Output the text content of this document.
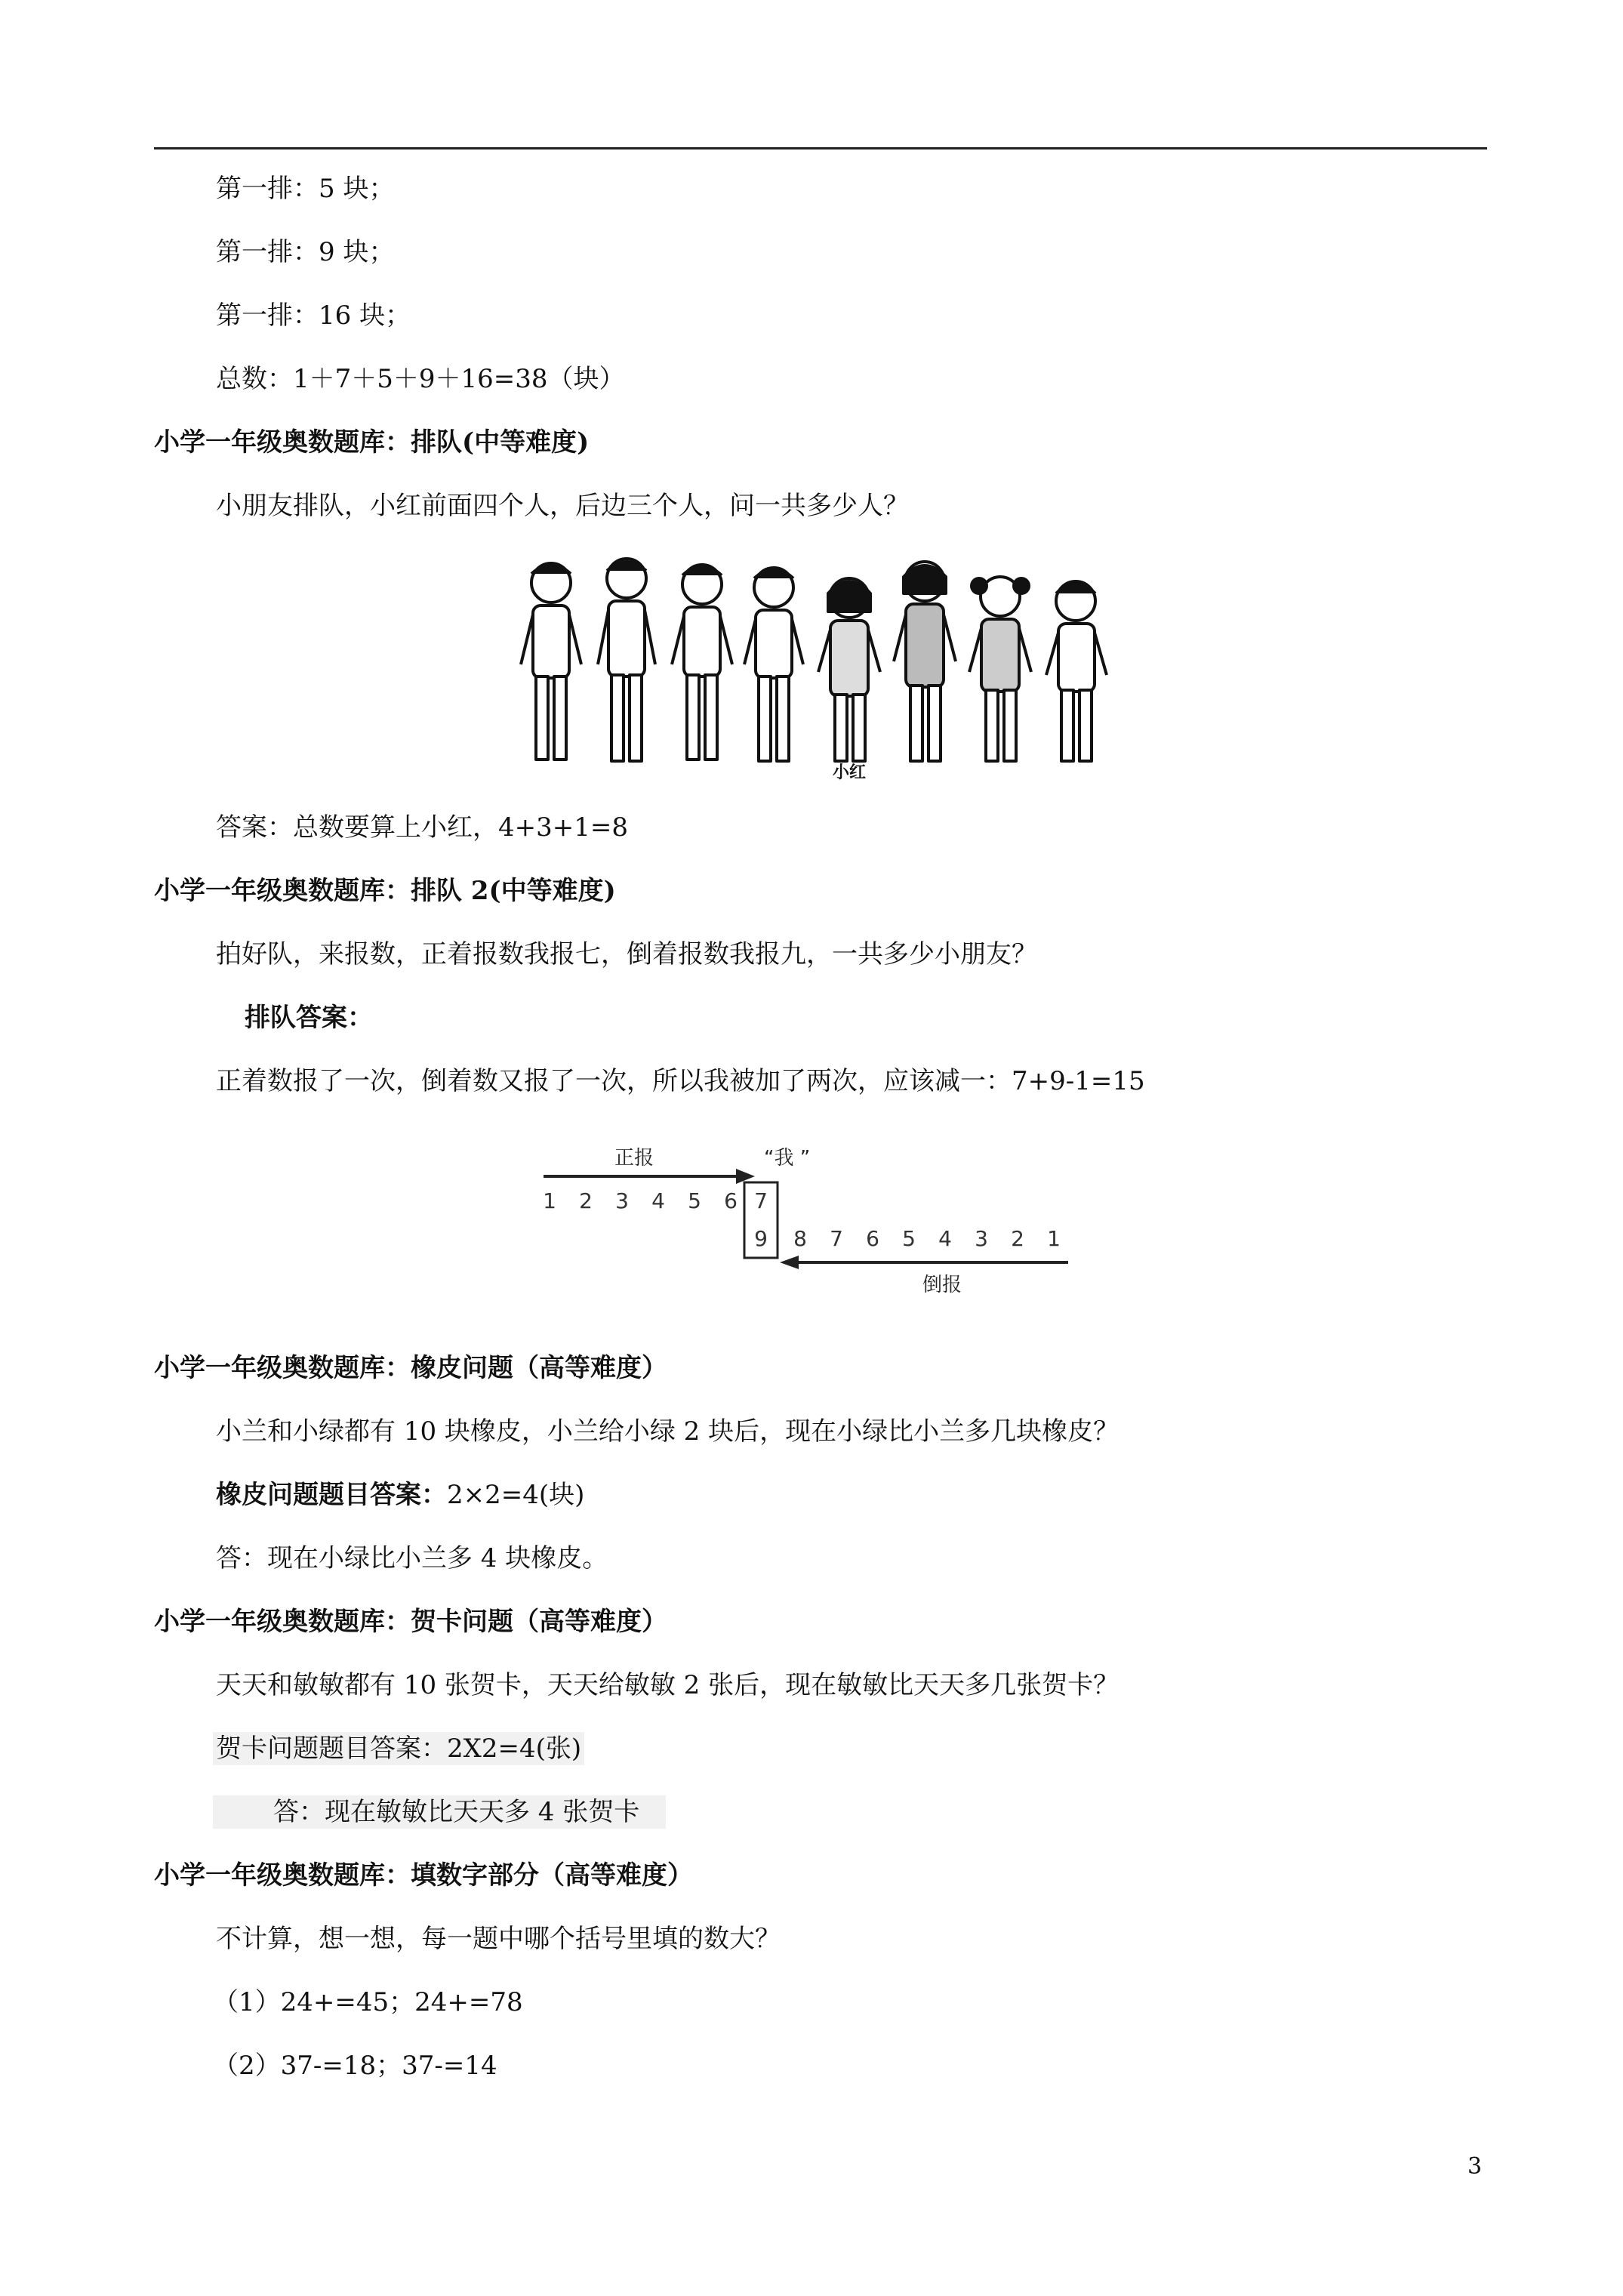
第一排：5 块；
第一排：9 块；
第一排：16 块；
总数：1＋7＋5＋9＋16=38（块）
小学一年级奥数题库：排队(中等难度)
小朋友排队，小红前面四个人，后边三个人，问一共多少人？
小红
答案：总数要算上小红，4+3+1=8
小学一年级奥数题库：排队 2(中等难度)
拍好队，来报数，正着报数我报七，倒着报数我报九，一共多少小朋友？
排队答案：
正着数报了一次，倒着数又报了一次，所以我被加了两次，应该减一：7+9-1=15
正报	“我 ”
1 2 3 4 5 6 7
9 8 7 6 5 4 3 2 1
倒报
小学一年级奥数题库：橡皮问题（高等难度）
小兰和小绿都有 10 块橡皮，小兰给小绿 2 块后，现在小绿比小兰多几块橡皮？
橡皮问题题目答案：2×2=4(块)
答：现在小绿比小兰多 4 块橡皮。
小学一年级奥数题库：贺卡问题（高等难度）
天天和敏敏都有 10 张贺卡，天天给敏敏 2 张后，现在敏敏比天天多几张贺卡？
贺卡问题题目答案：2X2=4(张)
答：现在敏敏比天天多 4 张贺卡
小学一年级奥数题库：填数字部分（高等难度）
不计算，想一想，每一题中哪个括号里填的数大？
（1）24+=45；24+=78
（2）37-=18；37-=14
3
